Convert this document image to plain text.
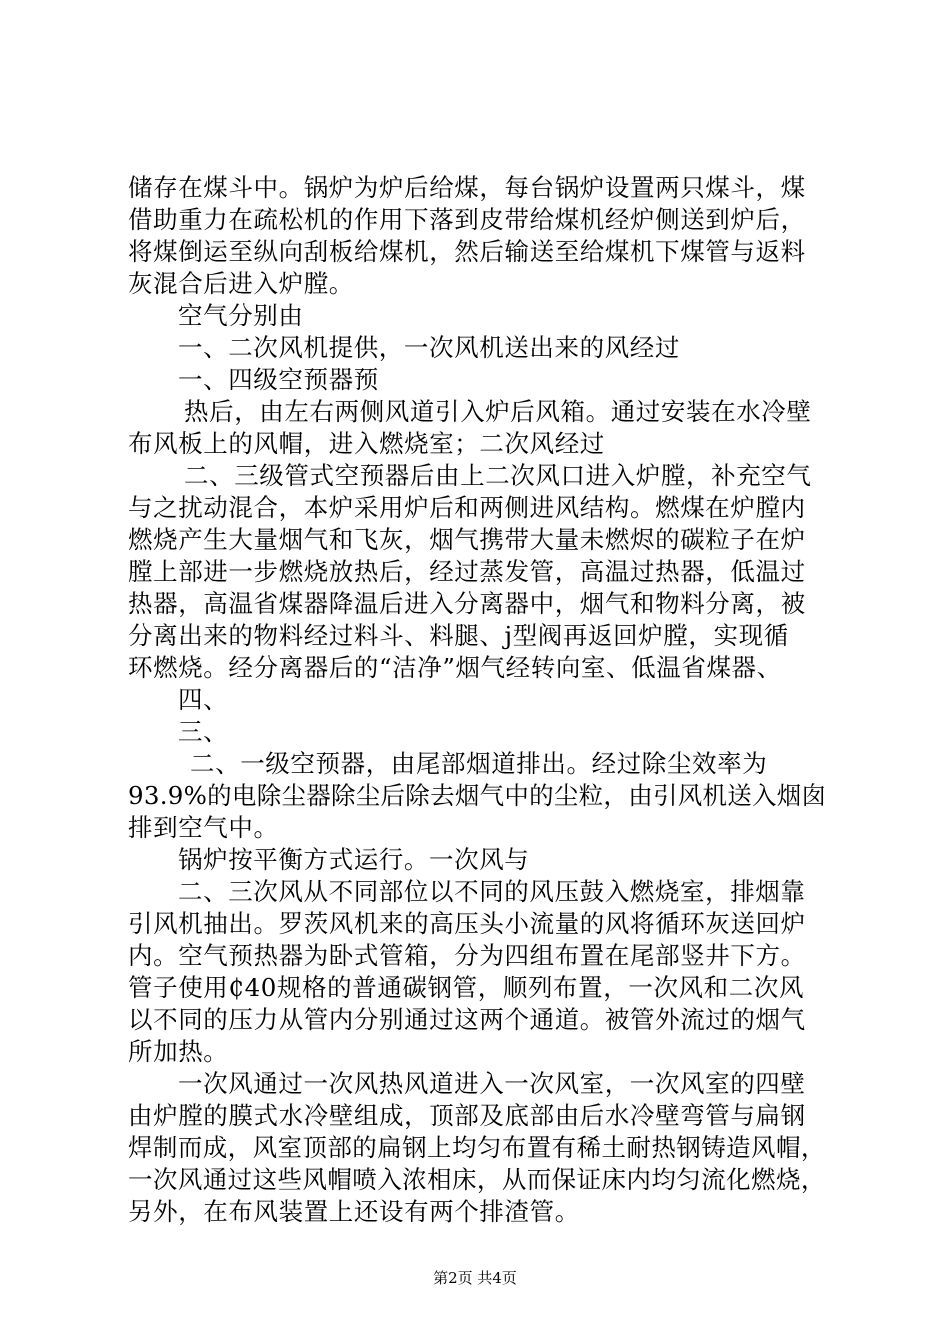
储存在煤斗中。锅炉为炉后给煤，每台锅炉设置两只煤斗，煤
借助重力在疏松机的作用下落到皮带给煤机经炉侧送到炉后，
将煤倒运至纵向刮板给煤机，然后输送至给煤机下煤管与返料
灰混合后进入炉膛。
空气分别由
一、二次风机提供，一次风机送出来的风经过
一、四级空预器预
热后，由左右两侧风道引入炉后风箱。通过安装在水冷壁
布风板上的风帽，进入燃烧室；二次风经过
二、三级管式空预器后由上二次风口进入炉膛，补充空气
与之扰动混合，本炉采用炉后和两侧进风结构。燃煤在炉膛内
燃烧产生大量烟气和飞灰，烟气携带大量未燃烬的碳粒子在炉
膛上部进一步燃烧放热后，经过蒸发管，高温过热器，低温过
热器，高温省煤器降温后进入分离器中，烟气和物料分离，被
分离出来的物料经过料斗、料腿、j型阀再返回炉膛，实现循
环燃烧。经分离器后的“洁净”烟气经转向室、低温省煤器、
四、
三、
二、一级空预器，由尾部烟道排出。经过除尘效率为
93.9%的电除尘器除尘后除去烟气中的尘粒，由引风机送入烟囱
排到空气中。
锅炉按平衡方式运行。一次风与
二、三次风从不同部位以不同的风压鼓入燃烧室，排烟靠
引风机抽出。罗茨风机来的高压头小流量的风将循环灰送回炉
内。空气预热器为卧式管箱，分为四组布置在尾部竖井下方。
管子使用₵40规格的普通碳钢管，顺列布置，一次风和二次风
以不同的压力从管内分别通过这两个通道。被管外流过的烟气
所加热。
一次风通过一次风热风道进入一次风室，一次风室的四壁
由炉膛的膜式水冷壁组成，顶部及底部由后水冷壁弯管与扁钢
焊制而成，风室顶部的扁钢上均匀布置有稀土耐热钢铸造风帽，
一次风通过这些风帽喷入浓相床，从而保证床内均匀流化燃烧，
另外，在布风装置上还设有两个排渣管。
第2页 共4页
